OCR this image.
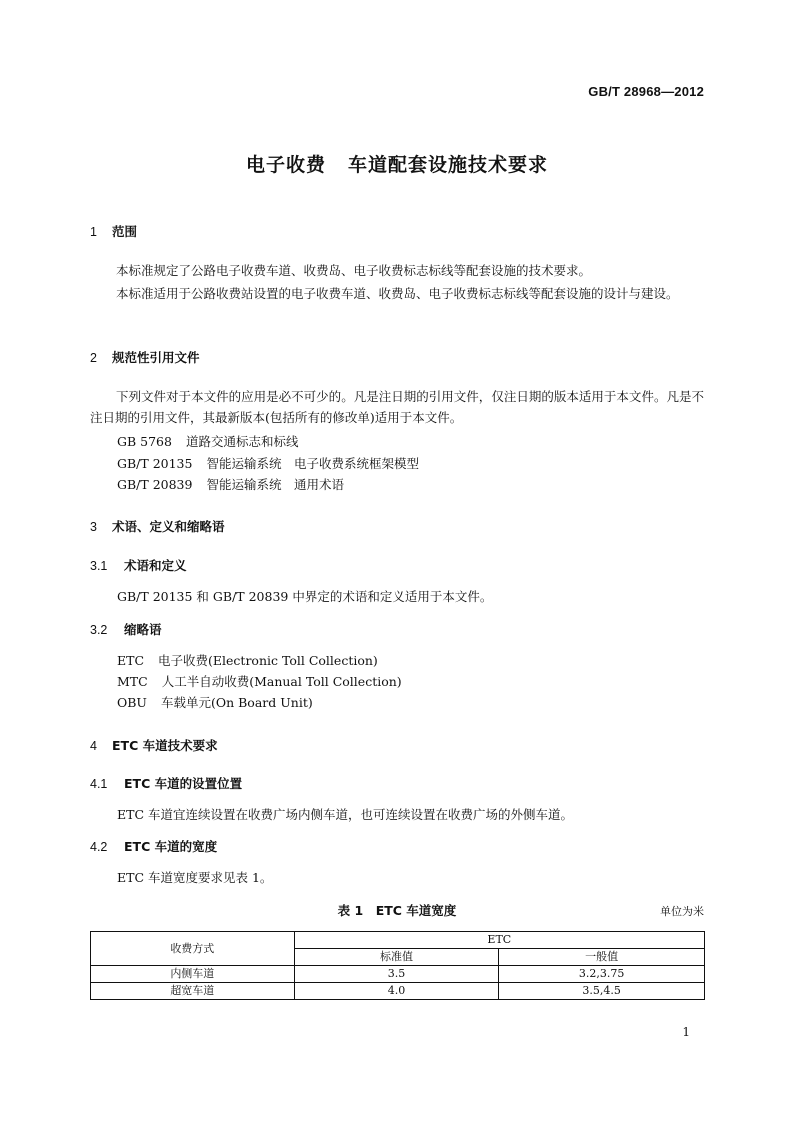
GB/T 28968—2012
电子收费 车道配套设施技术要求
1 范围
本标准规定了公路电子收费车道、收费岛、电子收费标志标线等配套设施的技术要求。
本标准适用于公路收费站设置的电子收费车道、收费岛、电子收费标志标线等配套设施的设计与建设。
2 规范性引用文件
下列文件对于本文件的应用是必不可少的。凡是注日期的引用文件，仅注日期的版本适用于本文件。凡是不注日期的引用文件，其最新版本(包括所有的修改单)适用于本文件。
GB 5768 道路交通标志和标线
GB/T 20135 智能运输系统　电子收费系统框架模型
GB/T 20839 智能运输系统　通用术语
3 术语、定义和缩略语
3.1 术语和定义
GB/T 20135 和 GB/T 20839 中界定的术语和定义适用于本文件。
3.2 缩略语
ETC 电子收费(Electronic Toll Collection)
MTC 人工半自动收费(Manual Toll Collection)
OBU 车载单元(On Board Unit)
4 ETC 车道技术要求
4.1 ETC 车道的设置位置
ETC 车道宜连续设置在收费广场内侧车道，也可连续设置在收费广场的外侧车道。
4.2 ETC 车道的宽度
ETC 车道宽度要求见表 1。
表 1　ETC 车道宽度	单位为米
收费方式	ETC	
	标准值	一般值
内侧车道	3.5	3.2,3.75
超宽车道	4.0	3.5,4.5
1
